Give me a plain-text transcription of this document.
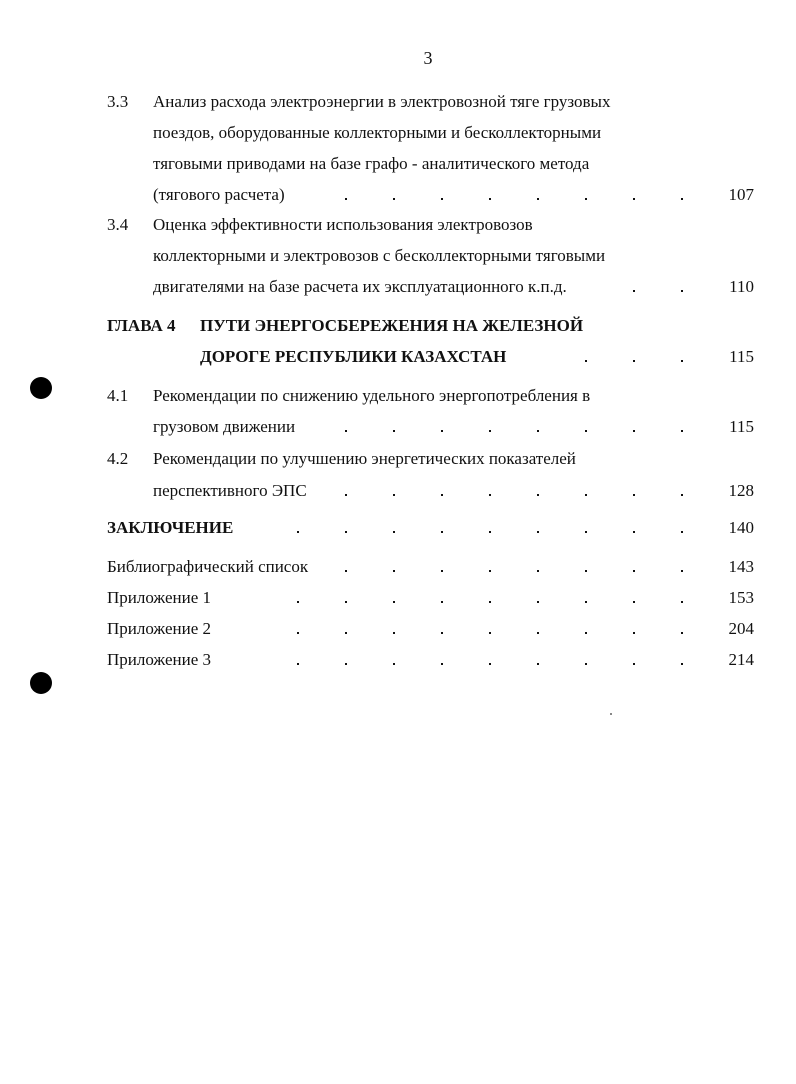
3
3.3 Анализ расхода электроэнергии в электровозной тяге грузовых
поездов, оборудованные коллекторными и бесколлекторными
тяговыми приводами на базе графо - аналитического метода
(тягового расчета)	107
3.4 Оценка эффективности использования электровозов
коллекторными и электровозов с бесколлекторными тяговыми
двигателями на базе расчета их эксплуатационного к.п.д.	110
ГЛАВА 4 ПУТИ ЭНЕРГОСБЕРЕЖЕНИЯ НА ЖЕЛЕЗНОЙ
ДОРОГЕ РЕСПУБЛИКИ КАЗАХСТАН	115
4.1 Рекомендации по снижению удельного энергопотребления в
грузовом движении	115
4.2 Рекомендации по улучшению энергетических показателей
перспективного ЭПС	128
ЗАКЛЮЧЕНИЕ	140
Библиографический список	143
Приложение 1	153
Приложение 2	204
Приложение 3	214
